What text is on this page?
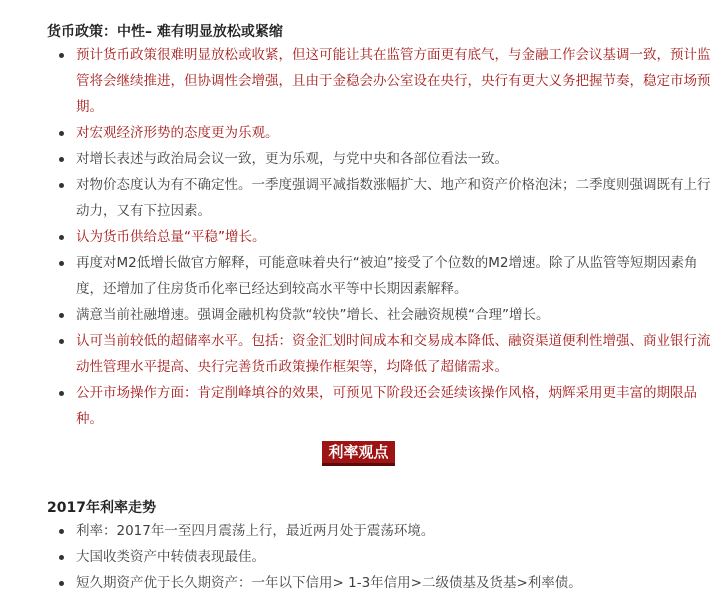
货币政策：中性– 难有明显放松或紧缩
预计货币政策很难明显放松或收紧，但这可能让其在监管方面更有底气，与金融工作会议基调一致，预计监管将会继续推进，但协调性会增强，且由于金稳会办公室设在央行，央行有更大义务把握节奏，稳定市场预期。
对宏观经济形势的态度更为乐观。
对增长表述与政治局会议一致，更为乐观，与党中央和各部位看法一致。
对物价态度认为有不确定性。一季度强调平减指数涨幅扩大、地产和资产价格泡沫；二季度则强调既有上行动力，又有下拉因素。
认为货币供给总量“平稳”增长。
再度对M2低增长做官方解释，可能意味着央行“被迫”接受了个位数的M2增速。除了从监管等短期因素角度，还增加了住房货币化率已经达到较高水平等中长期因素解释。
满意当前社融增速。强调金融机构贷款“较快”增长、社会融资规模“合理”增长。
认可当前较低的超储率水平。包括：资金汇划时间成本和交易成本降低、融资渠道便利性增强、商业银行流动性管理水平提高、央行完善货币政策操作框架等，均降低了超储需求。
公开市场操作方面：肯定削峰填谷的效果，可预见下阶段还会延续该操作风格，炳辉采用更丰富的期限品种。
利率观点
2017年利率走势
利率：2017年一至四月震荡上行，最近两月处于震荡环境。
大国收类资产中转债表现最佳。
短久期资产优于长久期资产：一年以下信用> 1-3年信用>二级债基及货基>利率债。
